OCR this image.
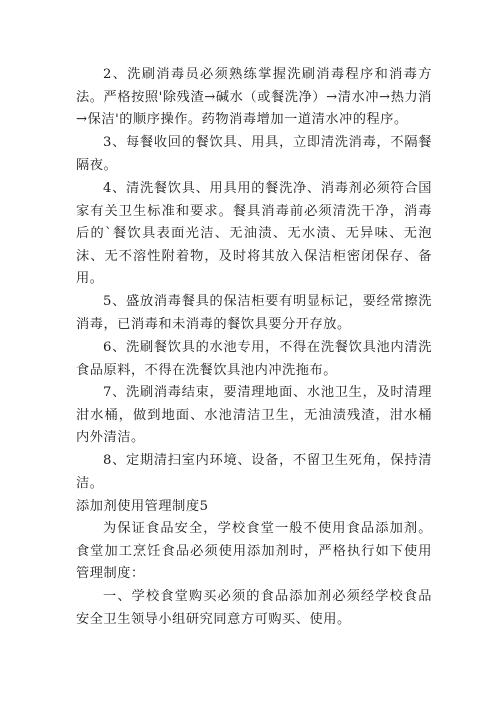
2、洗刷消毒员必须熟练掌握洗刷消毒程序和消毒方法。严格按照'除残渣→碱水（或餐洗净）→清水冲→热力消→保洁'的顺序操作。药物消毒增加一道清水冲的程序。

3、每餐收回的餐饮具、用具，立即清洗消毒，不隔餐隔夜。

4、清洗餐饮具、用具用的餐洗净、消毒剂必须符合国家有关卫生标准和要求。餐具消毒前必须清洗干净，消毒后的`餐饮具表面光洁、无油渍、无水渍、无异味、无泡沫、无不溶性附着物，及时将其放入保洁柜密闭保存、备用。

5、盛放消毒餐具的保洁柜要有明显标记，要经常擦洗消毒，已消毒和未消毒的餐饮具要分开存放。

6、洗刷餐饮具的水池专用，不得在洗餐饮具池内清洗食品原料，不得在洗餐饮具池内冲洗拖布。

7、洗刷消毒结束，要清理地面、水池卫生，及时清理泔水桶，做到地面、水池清洁卫生，无油渍残渣，泔水桶内外清洁。

8、定期清扫室内环境、设备，不留卫生死角，保持清洁。

添加剂使用管理制度5

为保证食品安全，学校食堂一般不使用食品添加剂。食堂加工烹饪食品必须使用添加剂时，严格执行如下使用管理制度：

一、学校食堂购买必须的食品添加剂必须经学校食品安全卫生领导小组研究同意方可购买、使用。
